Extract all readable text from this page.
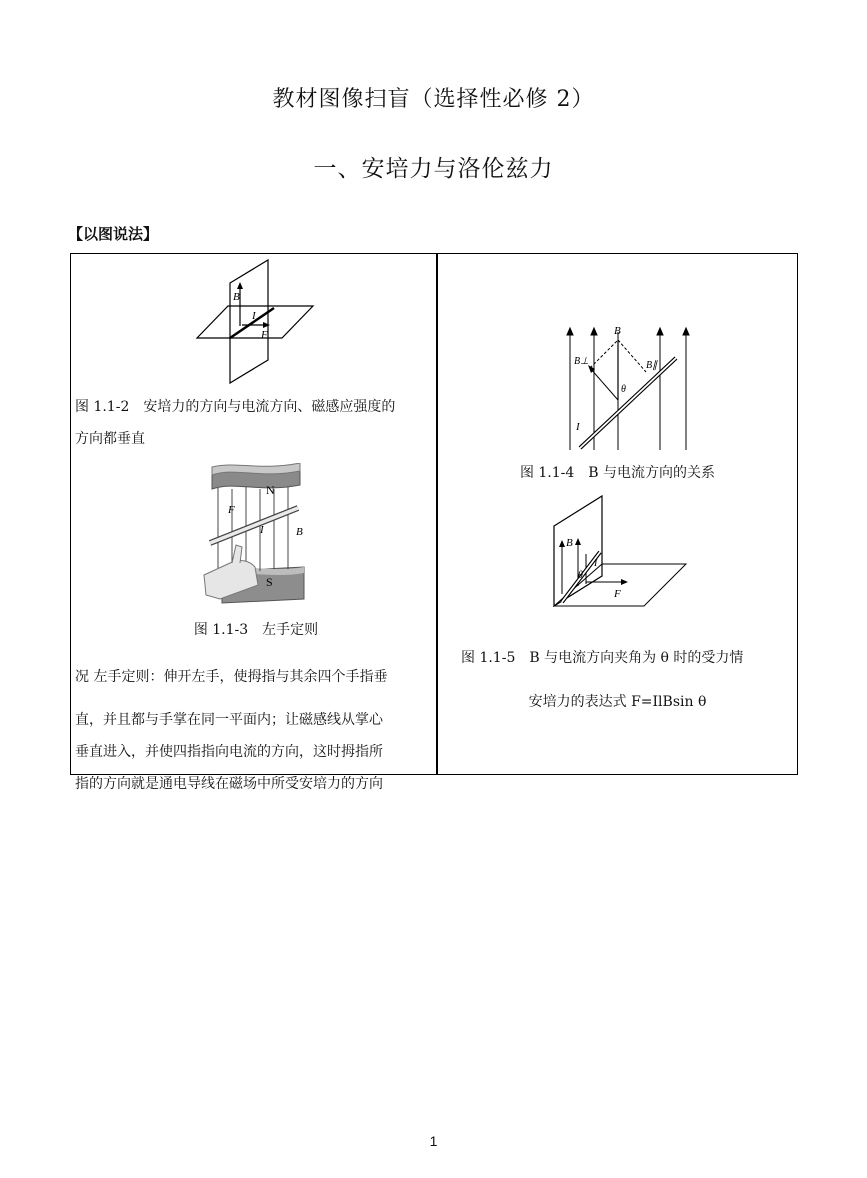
教材图像扫盲（选择性必修 2）
一、安培力与洛伦兹力
【以图说法】
B
I
F
图 1.1-2　安培力的方向与电流方向、磁感应强度的
方向都垂直
N
S
F
I	B
图 1.1-3　左手定则
况 左手定则：伸开左手，使拇指与其余四个手指垂
直，并且都与手掌在同一平面内；让磁感线从掌心
垂直进入，并使四指指向电流的方向，这时拇指所
指的方向就是通电导线在磁场中所受安培力的方向
B
B⊥	B∥
θ
I
图 1.1-4　B 与电流方向的关系
B
I
θ
F
图 1.1-5　B 与电流方向夹角为 θ 时的受力情
安培力的表达式 F=IlBsin θ
1
